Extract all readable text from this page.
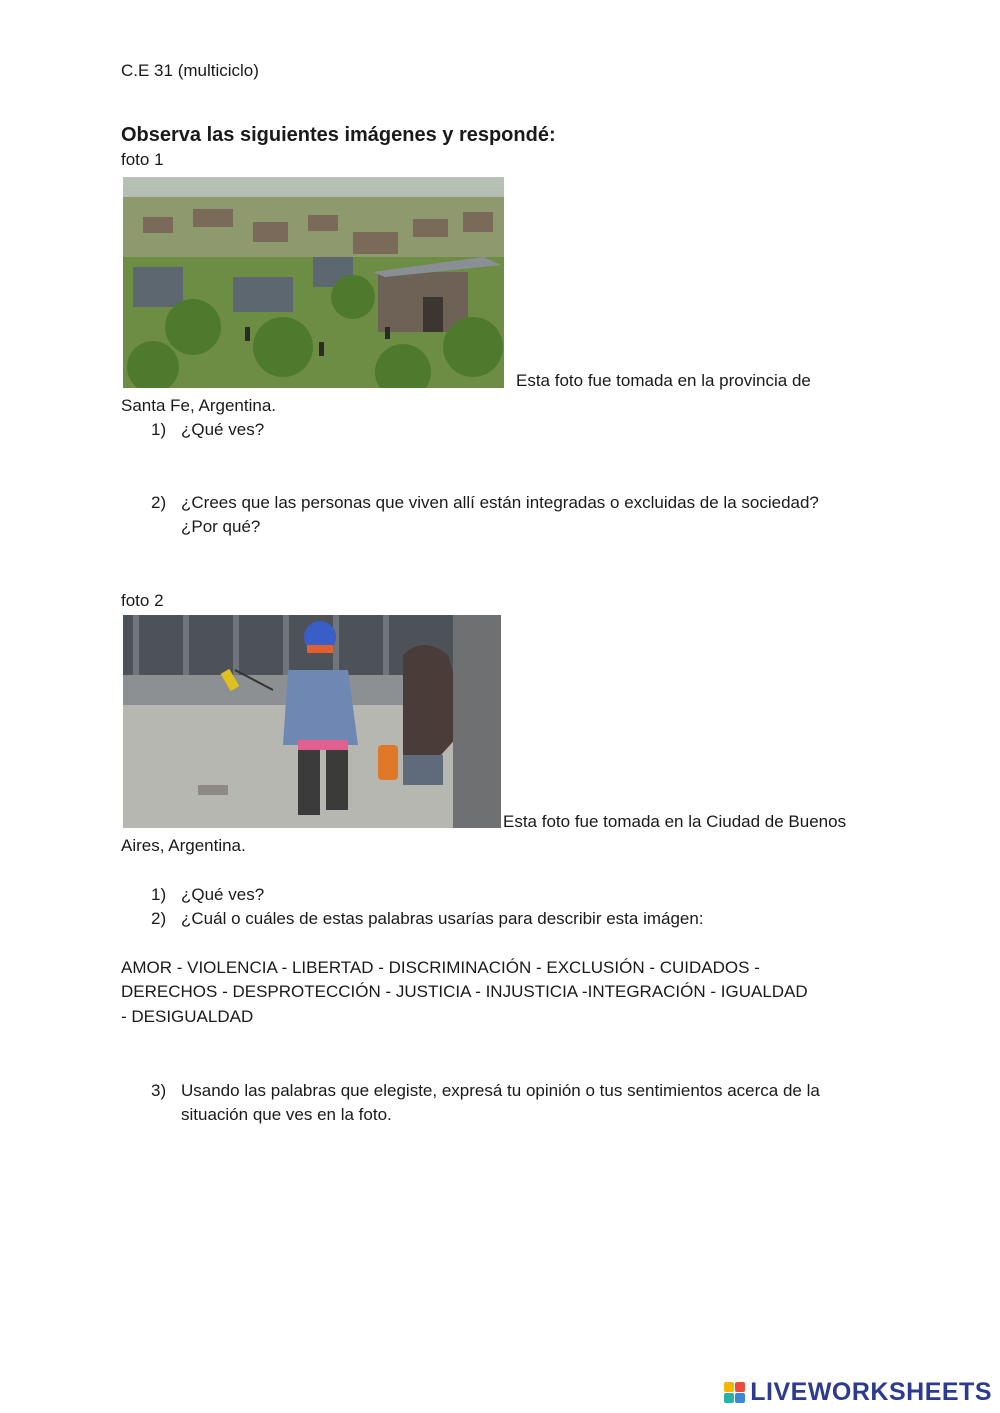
C.E 31 (multiciclo)
Observa las siguientes imágenes y respondé:
foto 1
Esta foto fue tomada en la provincia de
Santa Fe, Argentina.
1) ¿Qué ves?
2) ¿Crees que las personas que viven allí están integradas o excluidas de la sociedad?
¿Por qué?
foto 2
Esta foto fue tomada en la Ciudad de Buenos
Aires, Argentina.
1) ¿Qué ves?
2) ¿Cuál o cuáles de estas palabras usarías para describir esta imágen:
AMOR - VIOLENCIA - LIBERTAD - DISCRIMINACIÓN - EXCLUSIÓN - CUIDADOS -
DERECHOS - DESPROTECCIÓN - JUSTICIA - INJUSTICIA -INTEGRACIÓN - IGUALDAD
- DESIGUALDAD
3) Usando las palabras que elegiste, expresá tu opinión o tus sentimientos acerca de la
situación que ves en la foto.
LIVEWORKSHEETS
